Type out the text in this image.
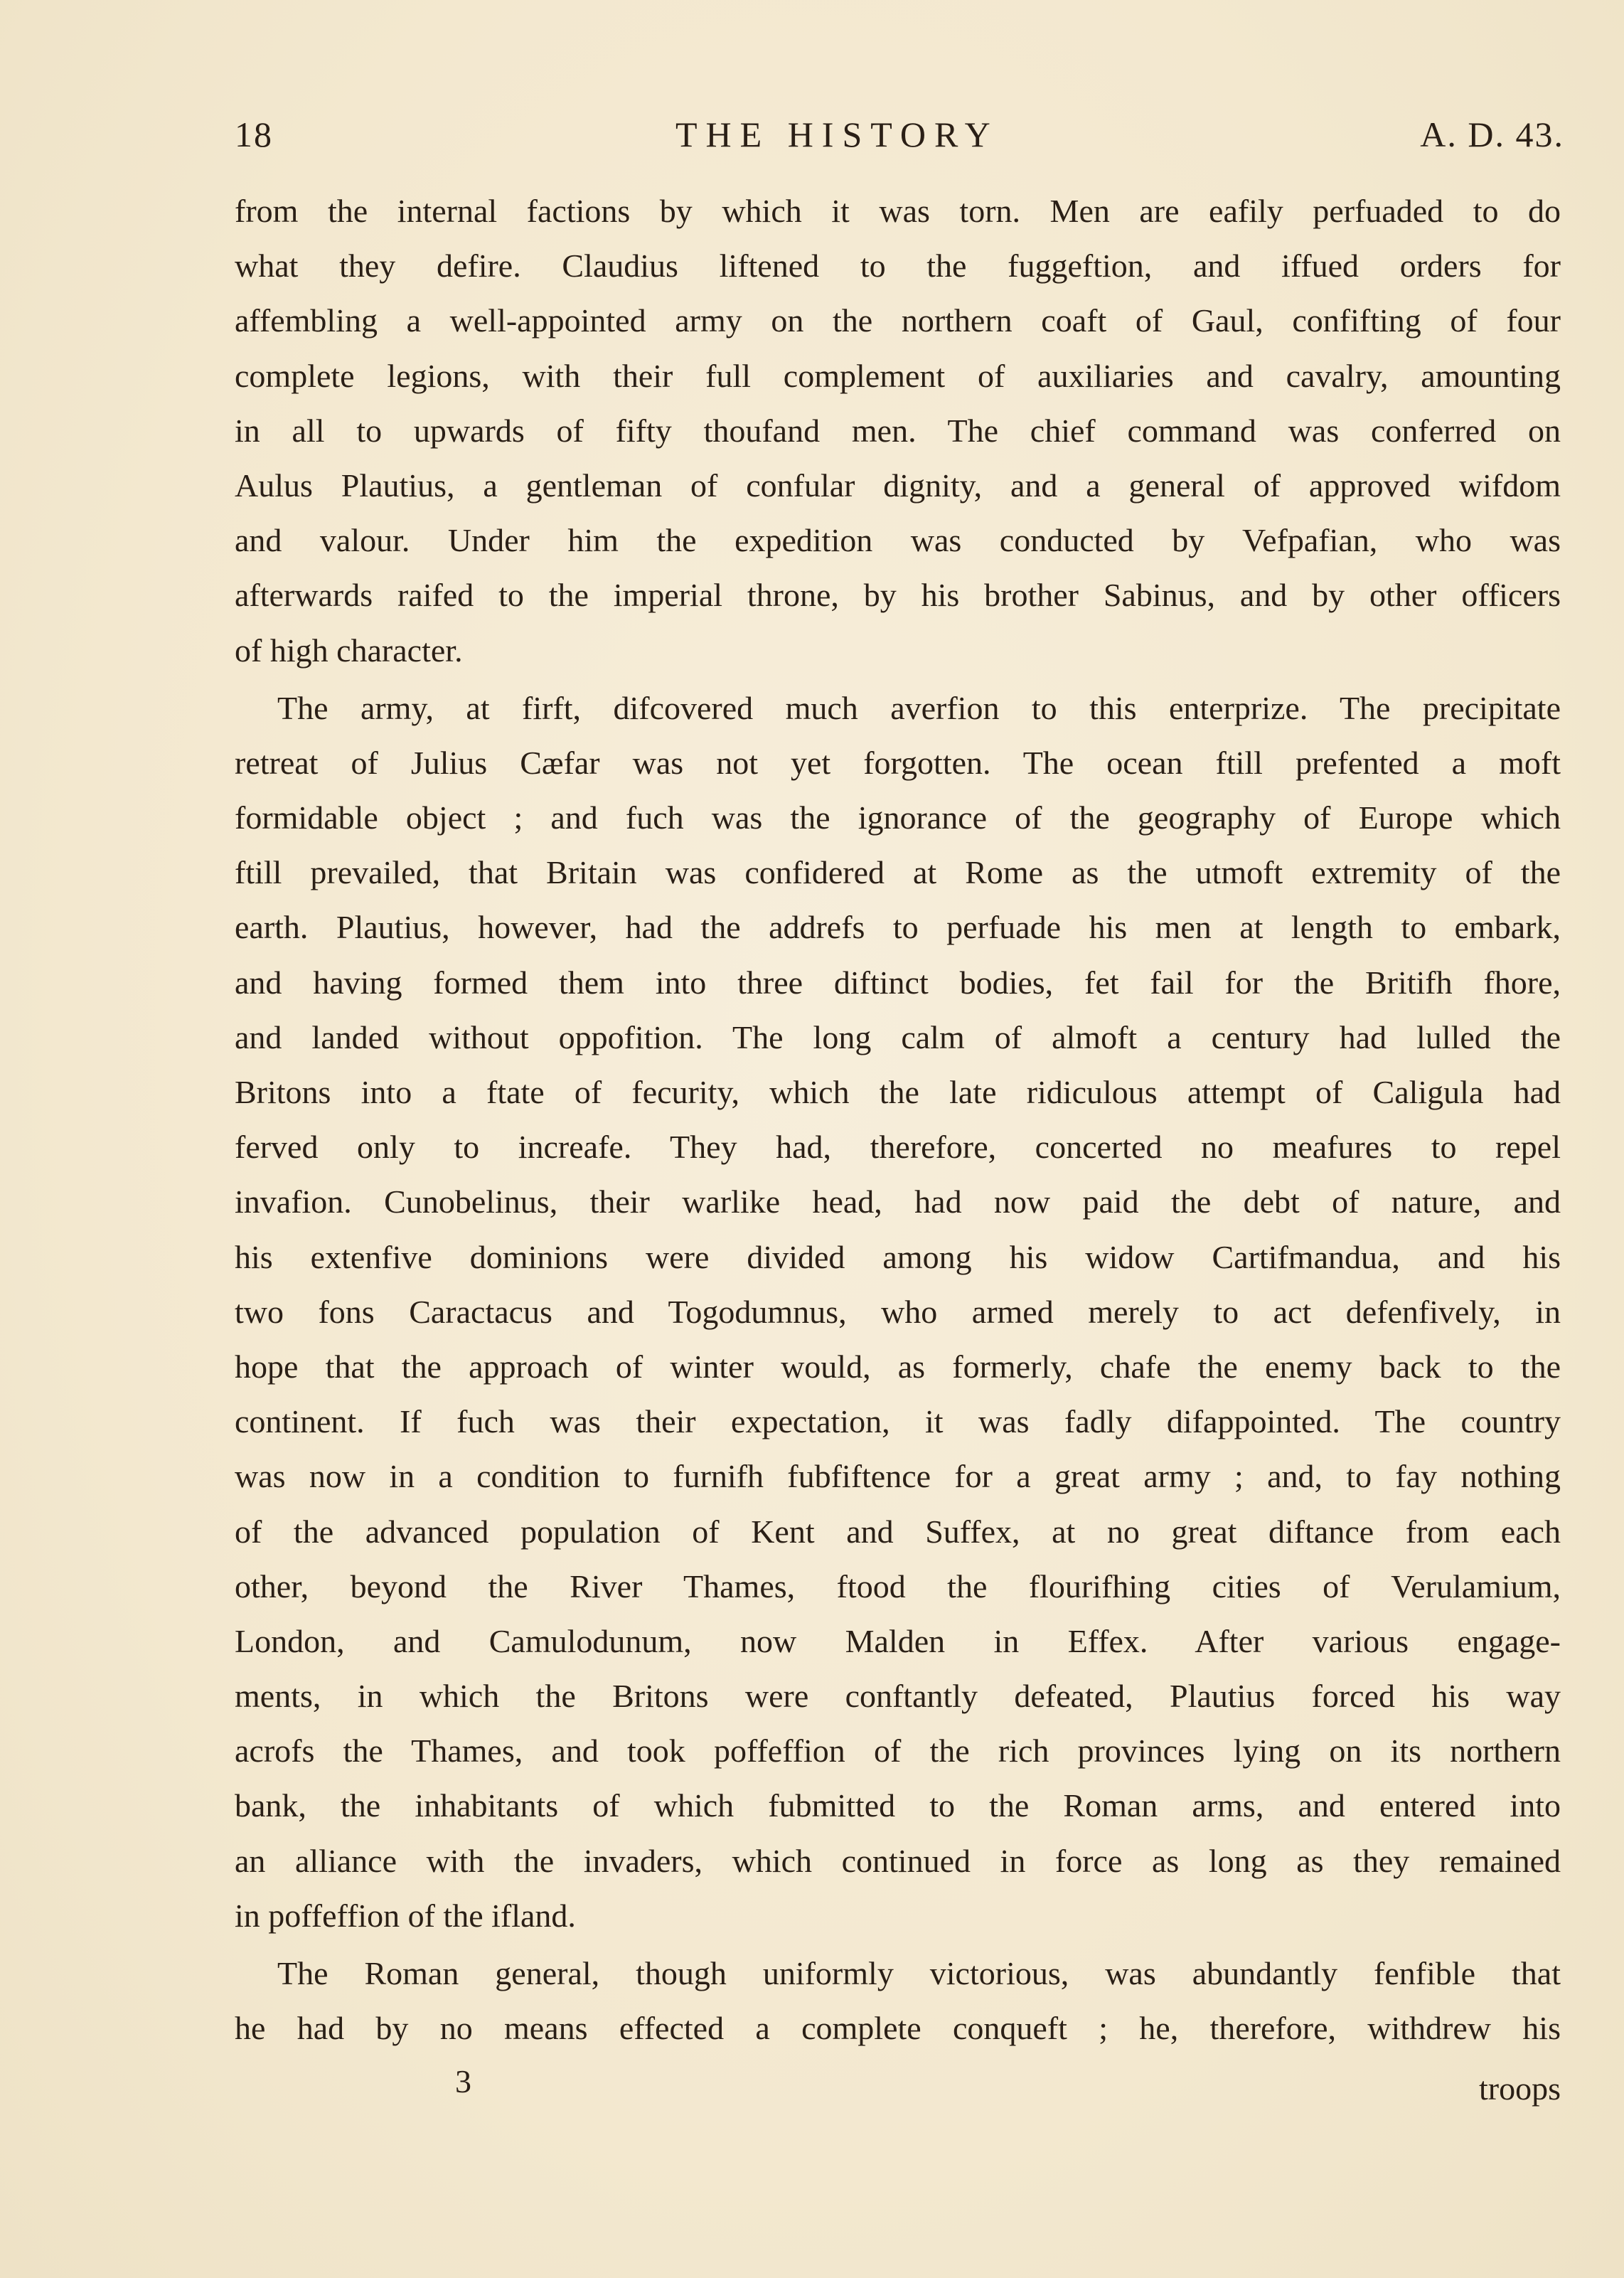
18	THE HISTORY	A. D. 43.
from the internal factions by which it was torn. Men are eafily perfuaded to do
what they defire. Claudius liftened to the fuggeftion, and iffued orders for
affembling a well-appointed army on the northern coaft of Gaul, confifting of four
complete legions, with their full complement of auxiliaries and cavalry, amounting
in all to upwards of fifty thoufand men. The chief command was conferred on
Aulus Plautius, a gentleman of confular dignity, and a general of approved wifdom
and valour. Under him the expedition was conducted by Vefpafian, who was
afterwards raifed to the imperial throne, by his brother Sabinus, and by other officers
of high character.
The army, at firft, difcovered much averfion to this enterprize. The precipitate
retreat of Julius Cæfar was not yet forgotten. The ocean ftill prefented a moft
formidable object ; and fuch was the ignorance of the geography of Europe which
ftill prevailed, that Britain was confidered at Rome as the utmoft extremity of the
earth. Plautius, however, had the addrefs to perfuade his men at length to embark,
and having formed them into three diftinct bodies, fet fail for the Britifh fhore,
and landed without oppofition. The long calm of almoft a century had lulled the
Britons into a ftate of fecurity, which the late ridiculous attempt of Caligula had
ferved only to increafe. They had, therefore, concerted no meafures to repel
invafion. Cunobelinus, their warlike head, had now paid the debt of nature, and
his extenfive dominions were divided among his widow Cartifmandua, and his
two fons Caractacus and Togodumnus, who armed merely to act defenfively, in
hope that the approach of winter would, as formerly, chafe the enemy back to the
continent. If fuch was their expectation, it was fadly difappointed. The country
was now in a condition to furnifh fubfiftence for a great army ; and, to fay nothing
of the advanced population of Kent and Suffex, at no great diftance from each
other, beyond the River Thames, ftood the flourifhing cities of Verulamium,
London, and Camulodunum, now Malden in Effex. After various engage-
ments, in which the Britons were conftantly defeated, Plautius forced his way
acrofs the Thames, and took poffeffion of the rich provinces lying on its northern
bank, the inhabitants of which fubmitted to the Roman arms, and entered into
an alliance with the invaders, which continued in force as long as they remained
in poffeffion of the ifland.
The Roman general, though uniformly victorious, was abundantly fenfible that
he had by no means effected a complete conqueft ; he, therefore, withdrew his
3	troops
